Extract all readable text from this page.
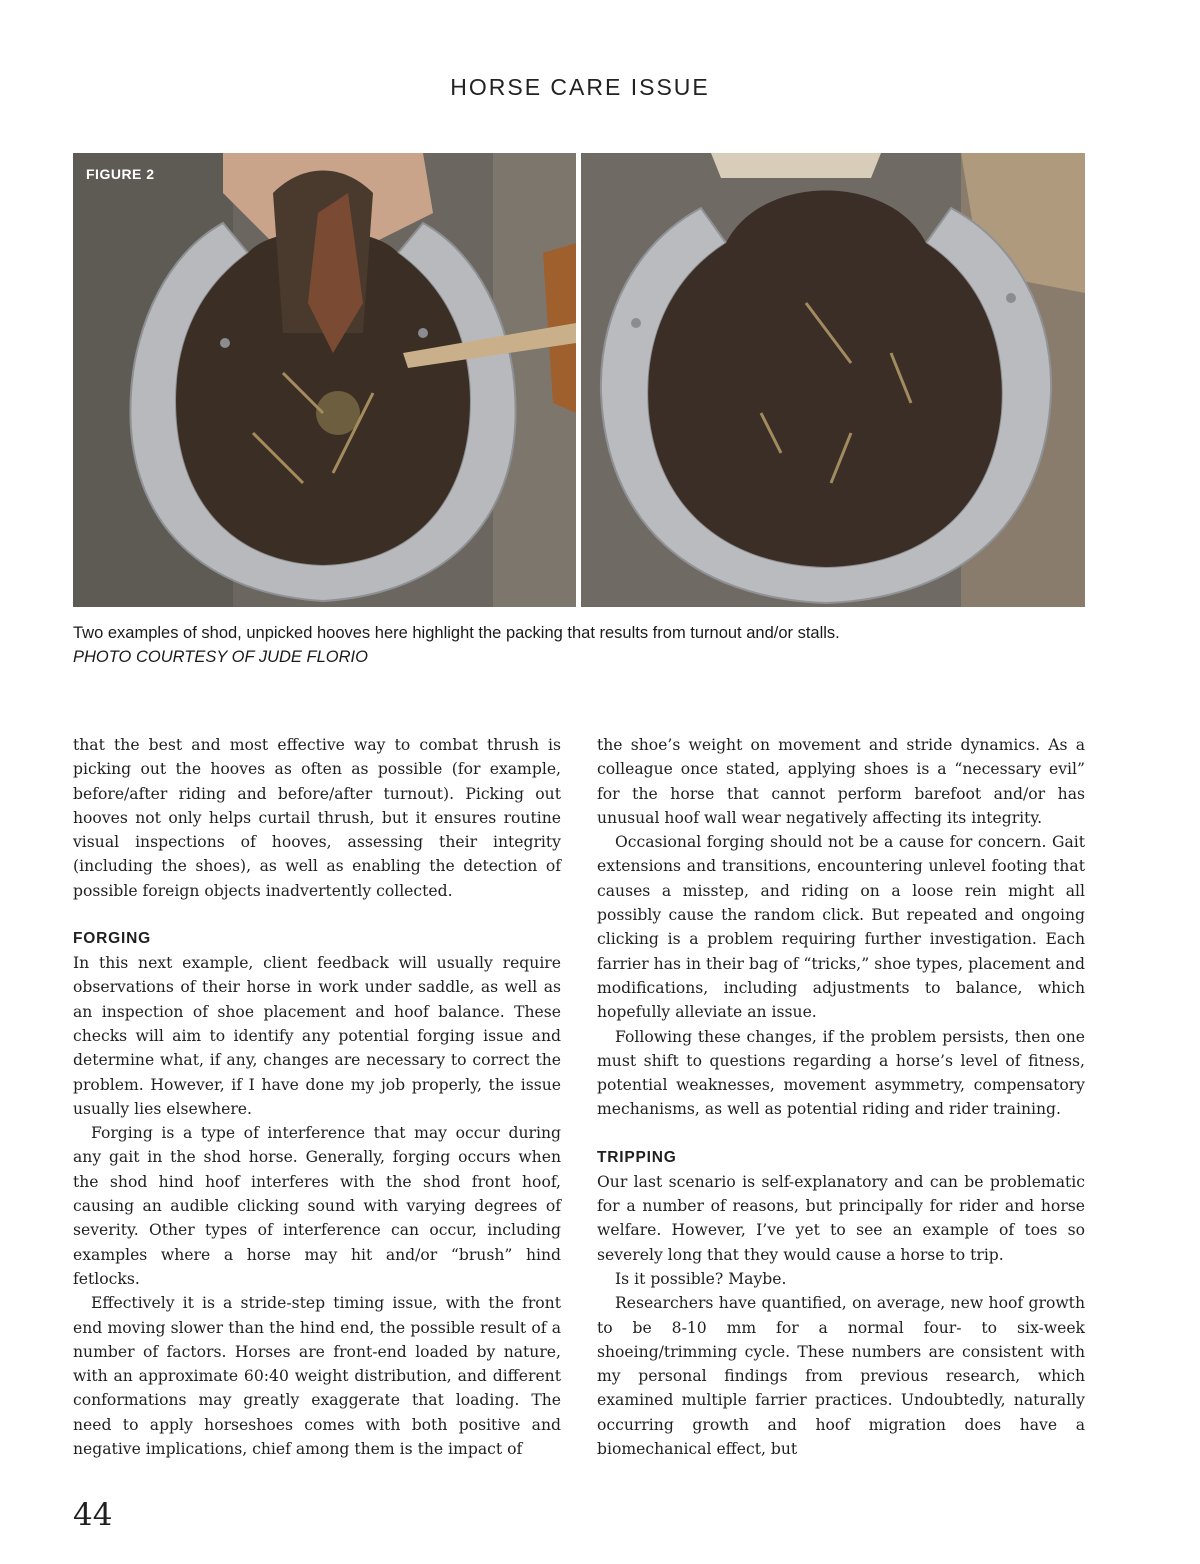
HORSE CARE ISSUE
FIGURE 2
Two examples of shod, unpicked hooves here highlight the packing that results from turnout and/or stalls.
PHOTO COURTESY OF JUDE FLORIO

that the best and most effective way to combat thrush is picking out the hooves as often as possible (for example, before/after riding and before/after turnout). Picking out hooves not only helps curtail thrush, but it ensures routine visual inspections of hooves, assessing their integrity (including the shoes), as well as enabling the detection of possible foreign objects inadvertently collected.

FORGING

In this next example, client feedback will usually require observations of their horse in work under saddle, as well as an inspection of shoe placement and hoof balance. These checks will aim to identify any potential forging issue and determine what, if any, changes are necessary to correct the problem. However, if I have done my job properly, the issue usually lies elsewhere.

Forging is a type of interference that may occur during any gait in the shod horse. Generally, forging occurs when the shod hind hoof interferes with the shod front hoof, causing an audible clicking sound with varying degrees of severity. Other types of interference can occur, including examples where a horse may hit and/or “brush” hind fetlocks.

Effectively it is a stride-step timing issue, with the front end moving slower than the hind end, the possible result of a number of factors. Horses are front-end loaded by nature, with an approximate 60:40 weight distribution, and different conformations may greatly exaggerate that loading. The need to apply horseshoes comes with both positive and negative implications, chief among them is the impact of

the shoe’s weight on movement and stride dynamics. As a colleague once stated, applying shoes is a “necessary evil” for the horse that cannot perform barefoot and/or has unusual hoof wall wear negatively affecting its integrity.

Occasional forging should not be a cause for concern. Gait extensions and transitions, encountering unlevel footing that causes a misstep, and riding on a loose rein might all possibly cause the random click. But repeated and ongoing clicking is a problem requiring further investigation. Each farrier has in their bag of “tricks,” shoe types, placement and modifications, including adjustments to balance, which hopefully alleviate an issue.

Following these changes, if the problem persists, then one must shift to questions regarding a horse’s level of fitness, potential weaknesses, movement asymmetry, compensatory mechanisms, as well as potential riding and rider training.

TRIPPING

Our last scenario is self-explanatory and can be problematic for a number of reasons, but principally for rider and horse welfare. However, I’ve yet to see an example of toes so severely long that they would cause a horse to trip.

Is it possible? Maybe.

Researchers have quantified, on average, new hoof growth to be 8-10 mm for a normal four- to six-week shoeing/trimming cycle. These numbers are consistent with my personal findings from previous research, which examined multiple farrier practices. Undoubtedly, naturally occurring growth and hoof migration does have a biomechanical effect, but

44
